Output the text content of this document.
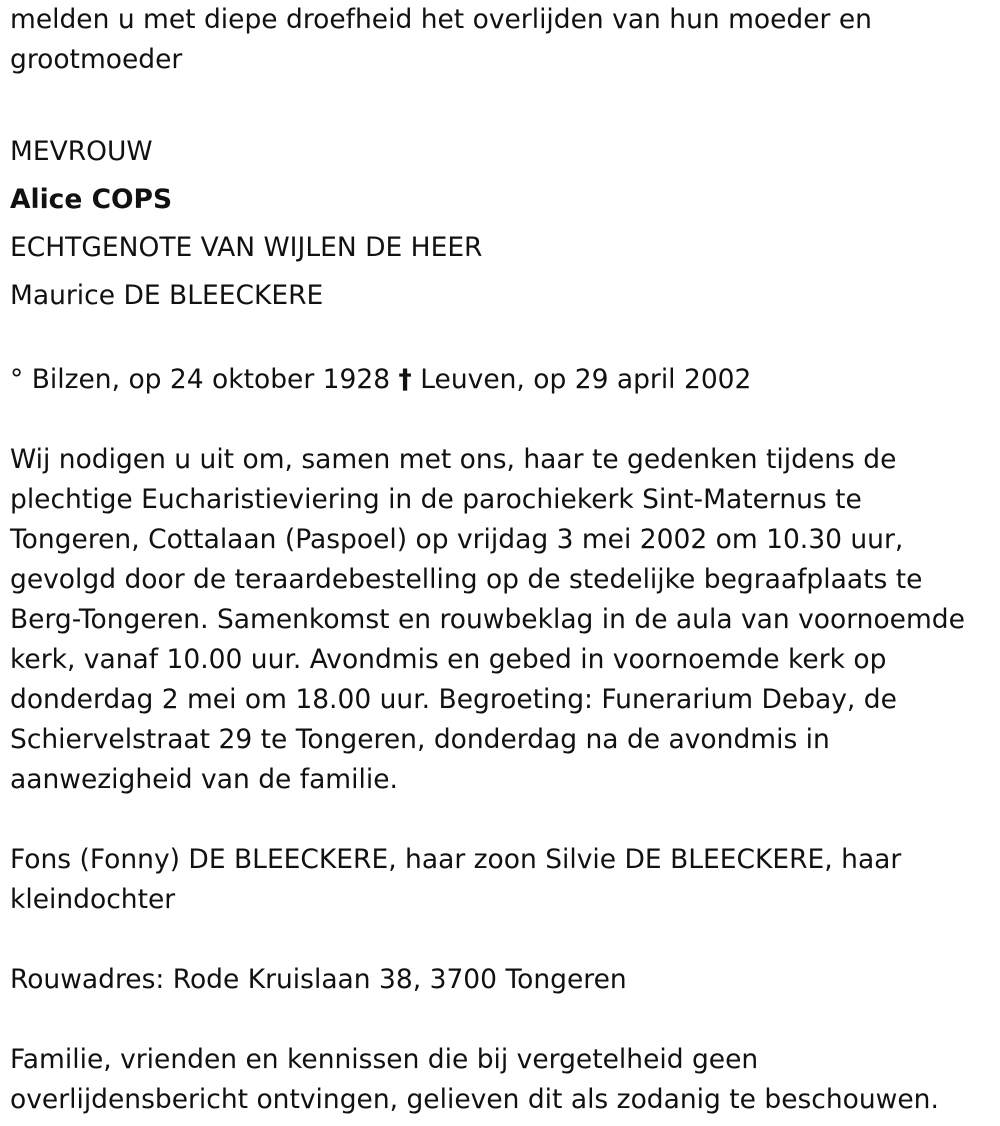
melden u met diepe droefheid het overlijden van hun moeder en grootmoeder

MEVROUW
Alice COPS
ECHTGENOTE VAN WIJLEN DE HEER
Maurice DE BLEECKERE

° Bilzen, op 24 oktober 1928 † Leuven, op 29 april 2002

Wij nodigen u uit om, samen met ons, haar te gedenken tijdens de plechtige Eucharistieviering in de parochiekerk Sint-Maternus te Tongeren, Cottalaan (Paspoel) op vrijdag 3 mei 2002 om 10.30 uur, gevolgd door de teraardebestelling op de stedelijke begraafplaats te Berg-Tongeren. Samenkomst en rouwbeklag in de aula van voornoemde kerk, vanaf 10.00 uur. Avondmis en gebed in voornoemde kerk op donderdag 2 mei om 18.00 uur. Begroeting: Funerarium Debay, de Schiervelstraat 29 te Tongeren, donderdag na de avondmis in aanwezigheid van de familie.

Fons (Fonny) DE BLEECKERE, haar zoon Silvie DE BLEECKERE, haar kleindochter

Rouwadres: Rode Kruislaan 38, 3700 Tongeren

Familie, vrienden en kennissen die bij vergetelheid geen overlijdensbericht ontvingen, gelieven dit als zodanig te beschouwen.
